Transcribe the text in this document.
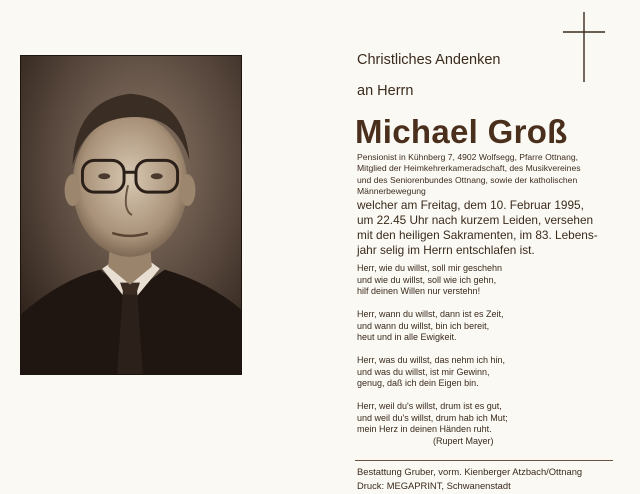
Christliches Andenken

an Herrn

Michael Groß

Pensionist in Kühnberg 7, 4902 Wolfsegg, Pfarre Ottnang,
Mitglied der Heimkehrerkameradschaft, des Musikvereines
und des Seniorenbundes Ottnang, sowie der katholischen
Männerbewegung
welcher am Freitag, dem 10. Februar 1995,
um 22.45 Uhr nach kurzem Leiden, versehen
mit den heiligen Sakramenten, im 83. Lebens-
jahr selig im Herrn entschlafen ist.
Herr, wie du willst, soll mir geschehn
und wie du willst, soll wie ich gehn,
hilf deinen Willen nur verstehn!
Herr, wann du willst, dann ist es Zeit,
und wann du willst, bin ich bereit,
heut und in alle Ewigkeit.
Herr, was du willst, das nehm ich hin,
und was du willst, ist mir Gewinn,
genug, daß ich dein Eigen bin.
Herr, weil du's willst, drum ist es gut,
und weil du's willst, drum hab ich Mut;
mein Herz in deinen Händen ruht.
(Rupert Mayer)
Bestattung Gruber, vorm. Kienberger Atzbach/Ottnang
Druck: MEGAPRINT, Schwanenstadt
